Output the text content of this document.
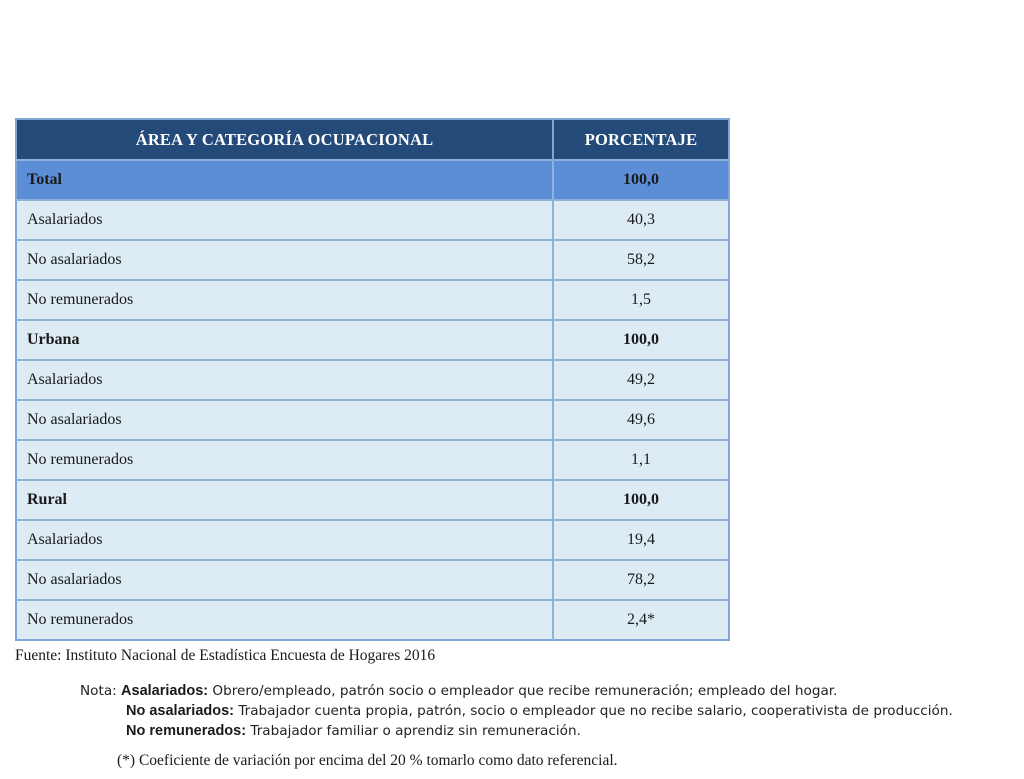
ÁREA Y CATEGORÍA OCUPACIONAL	PORCENTAJE
Total	100,0
Asalariados	40,3
No asalariados	58,2
No remunerados	1,5
Urbana	100,0
Asalariados	49,2
No asalariados	49,6
No remunerados	1,1
Rural	100,0
Asalariados	19,4
No asalariados	78,2
No remunerados	2,4*
Fuente: Instituto Nacional de Estadística Encuesta de Hogares 2016
Nota: Asalariados: Obrero/empleado, patrón socio o empleador que recibe remuneración; empleado del hogar.
No asalariados: Trabajador cuenta propia, patrón, socio o empleador que no recibe salario, cooperativista de producción.
No remunerados: Trabajador familiar o aprendiz sin remuneración.
(*) Coeficiente de variación por encima del 20 % tomarlo como dato referencial.
